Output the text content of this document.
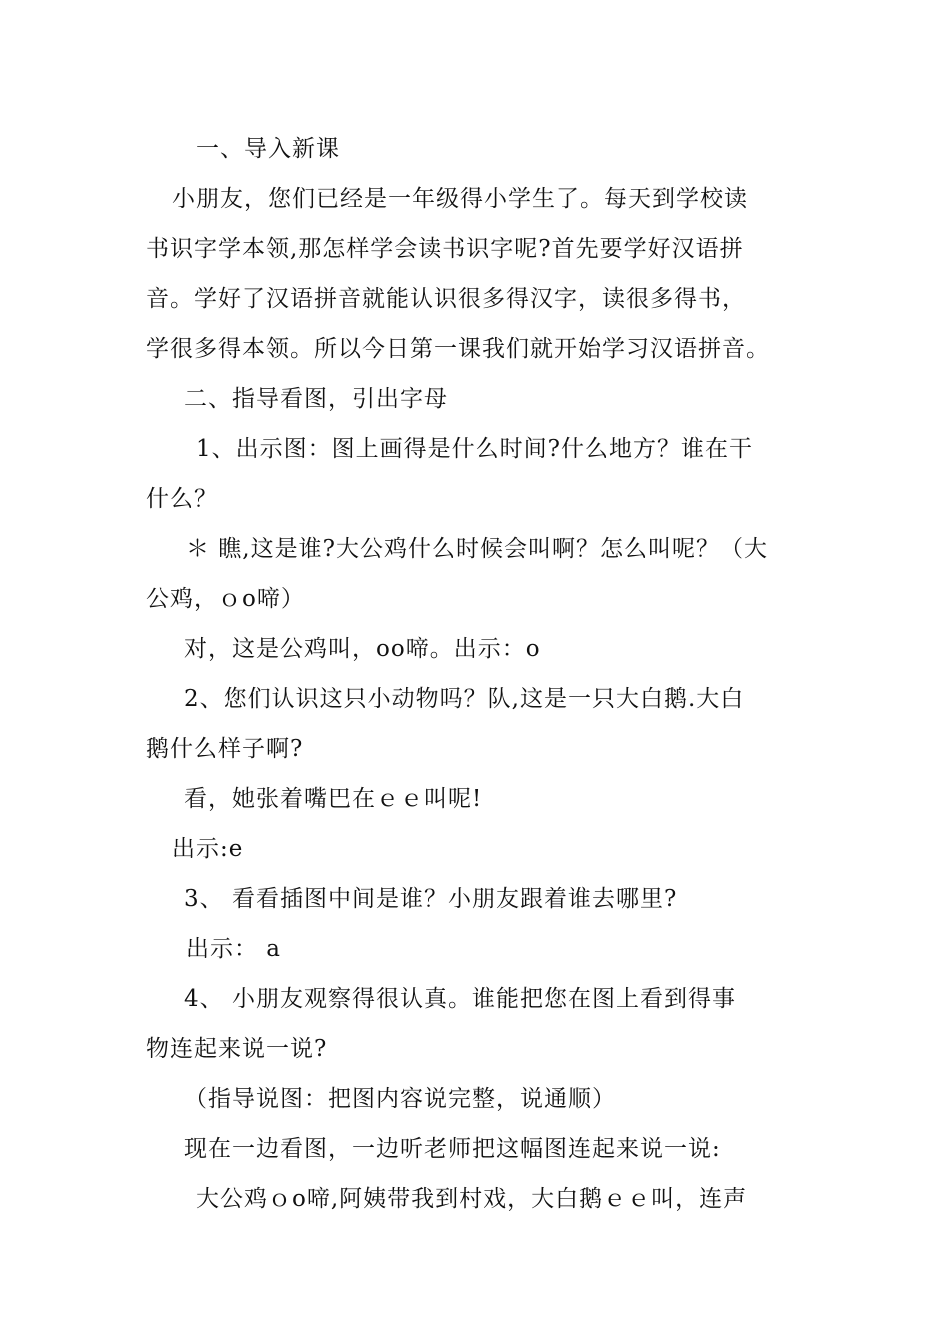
一、导入新课
小朋友，您们已经是一年级得小学生了。每天到学校读
书识字学本领,那怎样学会读书识字呢?首先要学好汉语拼
音。学好了汉语拼音就能认识很多得汉字，读很多得书，
学很多得本领。所以今日第一课我们就开始学习汉语拼音。
二、指导看图，引出字母
1、出示图：图上画得是什么时间?什么地方？谁在干
什么？
＊ 瞧,这是谁?大公鸡什么时候会叫啊？怎么叫呢？（大
公鸡，ｏo啼）
对，这是公鸡叫，oo啼。出示：o
2、您们认识这只小动物吗？队,这是一只大白鹅.大白
鹅什么样子啊?
看，她张着嘴巴在ｅｅ叫呢!
出示:e
3、 看看插图中间是谁？小朋友跟着谁去哪里?
出示： a
4、 小朋友观察得很认真。谁能把您在图上看到得事
物连起来说一说?
（指导说图：把图内容说完整，说通顺）
现在一边看图，一边听老师把这幅图连起来说一说:
大公鸡ｏo啼,阿姨带我到村戏，大白鹅ｅｅ叫，连声
